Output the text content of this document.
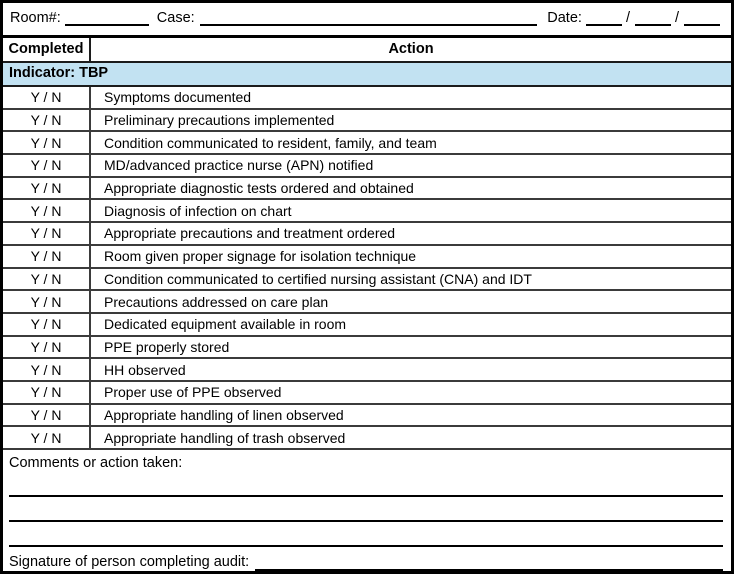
Room#:	Case:	Date:	/	/
Completed	Action
Indicator: TBP
Y / N	Symptoms documented
Y / N	Preliminary precautions implemented
Y / N	Condition communicated to resident, family, and team
Y / N	MD/advanced practice nurse (APN) notified
Y / N	Appropriate diagnostic tests ordered and obtained
Y / N	Diagnosis of infection on chart
Y / N	Appropriate precautions and treatment ordered
Y / N	Room given proper signage for isolation technique
Y / N	Condition communicated to certified nursing assistant (CNA) and IDT
Y / N	Precautions addressed on care plan
Y / N	Dedicated equipment available in room
Y / N	PPE properly stored
Y / N	HH observed
Y / N	Proper use of PPE observed
Y / N	Appropriate handling of linen observed
Y / N	Appropriate handling of trash observed
Comments or action taken:
Signature of person completing audit:
